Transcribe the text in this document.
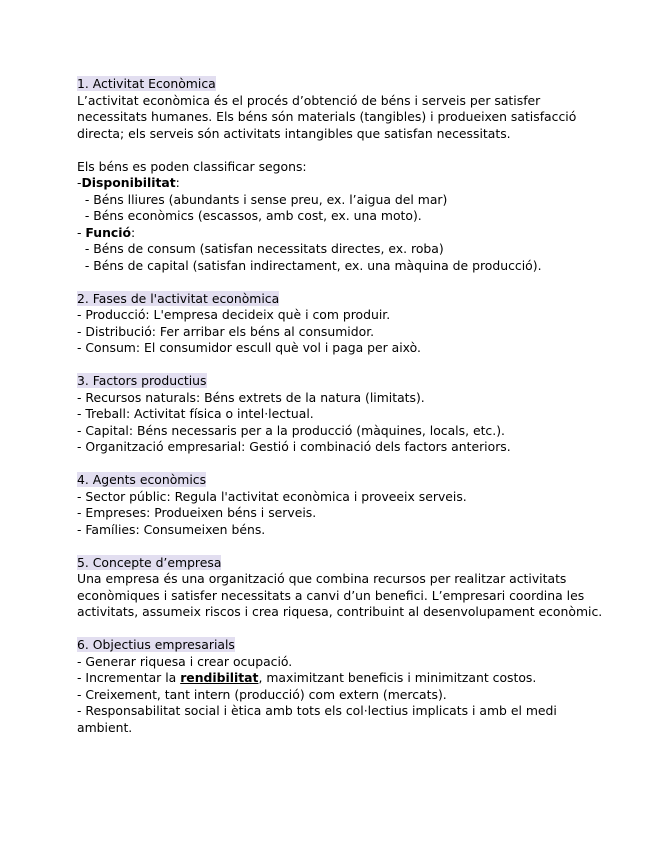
1. Activitat Econòmica
L’activitat econòmica és el procés d’obtenció de béns i serveis per satisfer
necessitats humanes. Els béns són materials (tangibles) i produeixen satisfacció
directa; els serveis són activitats intangibles que satisfan necessitats.
Els béns es poden classificar segons:
-Disponibilitat:
- Béns lliures (abundants i sense preu, ex. l’aigua del mar)
- Béns econòmics (escassos, amb cost, ex. una moto).
- Funció:
- Béns de consum (satisfan necessitats directes, ex. roba)
- Béns de capital (satisfan indirectament, ex. una màquina de producció).
2. Fases de l'activitat econòmica
- Producció: L'empresa decideix què i com produir.
- Distribució: Fer arribar els béns al consumidor.
- Consum: El consumidor escull què vol i paga per això.
3. Factors productius
- Recursos naturals: Béns extrets de la natura (limitats).
- Treball: Activitat física o intel·lectual.
- Capital: Béns necessaris per a la producció (màquines, locals, etc.).
- Organització empresarial: Gestió i combinació dels factors anteriors.
4. Agents econòmics
- Sector públic: Regula l'activitat econòmica i proveeix serveis.
- Empreses: Produeixen béns i serveis.
- Famílies: Consumeixen béns.
5. Concepte d’empresa
Una empresa és una organització que combina recursos per realitzar activitats
econòmiques i satisfer necessitats a canvi d’un benefici. L’empresari coordina les
activitats, assumeix riscos i crea riquesa, contribuint al desenvolupament econòmic.
6. Objectius empresarials
- Generar riquesa i crear ocupació.
- Incrementar la rendibilitat, maximitzant beneficis i minimitzant costos.
- Creixement, tant intern (producció) com extern (mercats).
- Responsabilitat social i ètica amb tots els col·lectius implicats i amb el medi
ambient.
